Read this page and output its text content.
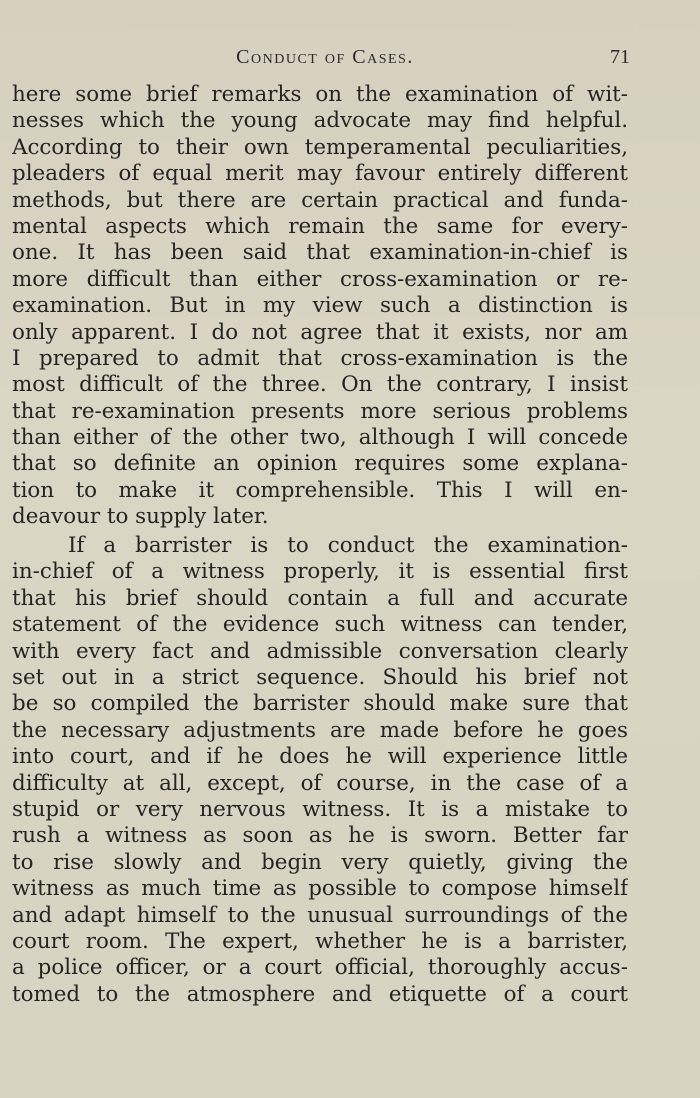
Conduct of Cases.	71
here some brief remarks on the examination of wit-
nesses which the young advocate may find helpful.
According to their own temperamental peculiarities,
pleaders of equal merit may favour entirely different
methods, but there are certain practical and funda-
mental aspects which remain the same for every-
one. It has been said that examination-in-chief is
more difficult than either cross-examination or re-
examination. But in my view such a distinction is
only apparent. I do not agree that it exists, nor am
I prepared to admit that cross-examination is the
most difficult of the three. On the contrary, I insist
that re-examination presents more serious problems
than either of the other two, although I will concede
that so definite an opinion requires some explana-
tion to make it comprehensible. This I will en-
deavour to supply later.
If a barrister is to conduct the examination-
in-chief of a witness properly, it is essential first
that his brief should contain a full and accurate
statement of the evidence such witness can tender,
with every fact and admissible conversation clearly
set out in a strict sequence. Should his brief not
be so compiled the barrister should make sure that
the necessary adjustments are made before he goes
into court, and if he does he will experience little
difficulty at all, except, of course, in the case of a
stupid or very nervous witness. It is a mistake to
rush a witness as soon as he is sworn. Better far
to rise slowly and begin very quietly, giving the
witness as much time as possible to compose himself
and adapt himself to the unusual surroundings of the
court room. The expert, whether he is a barrister,
a police officer, or a court official, thoroughly accus-
tomed to the atmosphere and etiquette of a court
